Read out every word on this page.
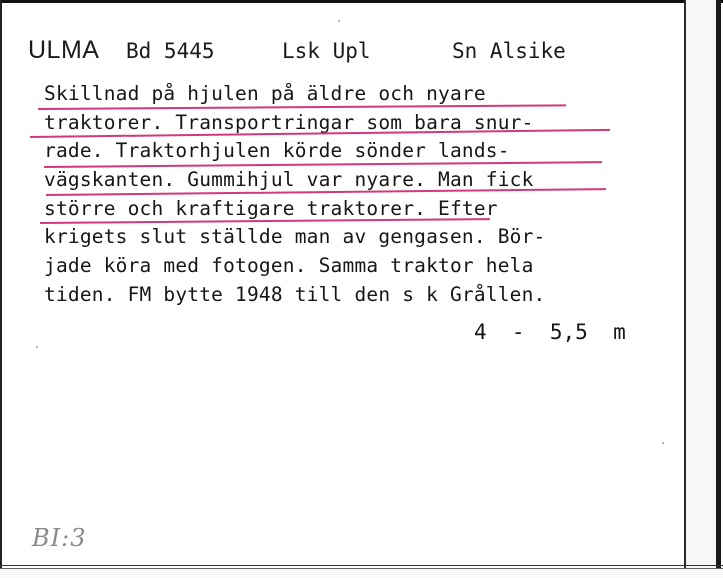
ULMA Bd 5445	Lsk Upl	Sn Alsike
Skillnad på hjulen på äldre och nyare
traktorer. Transportringar som bara snur-
rade. Traktorhjulen körde sönder lands-
vägskanten. Gummihjul var nyare. Man fick
större och kraftigare traktorer. Efter
krigets slut ställde man av gengasen. Bör-
jade köra med fotogen. Samma traktor hela
tiden. FM bytte 1948 till den s k Grållen.
4  -  5,5  m
BI:3
